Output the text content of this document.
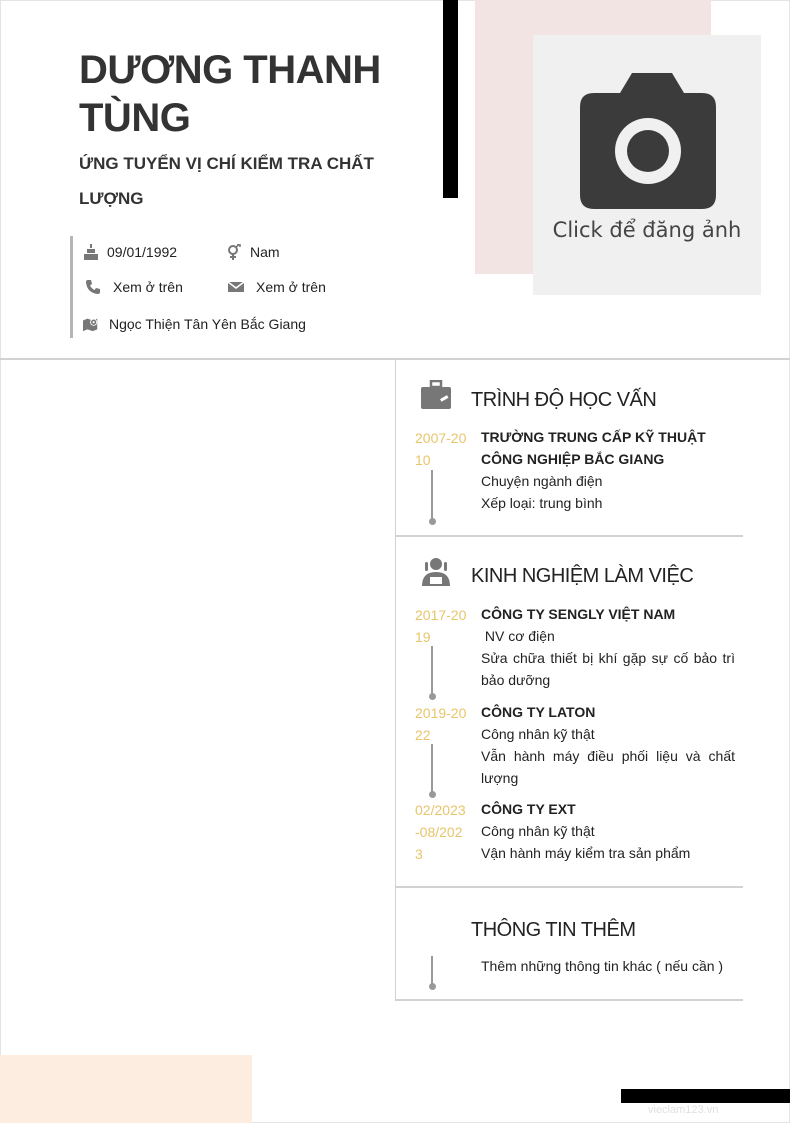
Click để đăng ảnh
DƯƠNG THANH TÙNG
ỨNG TUYỂN VỊ CHÍ KIỂM TRA CHẤT LƯỢNG
09/01/1992	Nam
Xem ở trên	Xem ở trên
Ngọc Thiện Tân Yên Bắc Giang
TRÌNH ĐỘ HỌC VẤN
2007-2010
TRƯỜNG TRUNG CẤP KỸ THUẬT CÔNG NGHIỆP BẮC GIANG
Chuyện ngành điện
Xếp loại: trung bình
KINH NGHIỆM LÀM VIỆC
2017-2019
CÔNG TY SENGLY VIỆT NAM
NV cơ điện
Sửa chữa thiết bị khí gặp sự cố bảo trì bảo dưỡng
2019-2022
CÔNG TY LATON
Công nhân kỹ thật
Vẫn hành máy điều phối liệu và chất lượng
02/2023-08/2023
CÔNG TY EXT
Công nhân kỹ thật
Vận hành máy kiểm tra sản phẩm
THÔNG TIN THÊM
Thêm những thông tin khác ( nếu cần )
vieclam123.vn
